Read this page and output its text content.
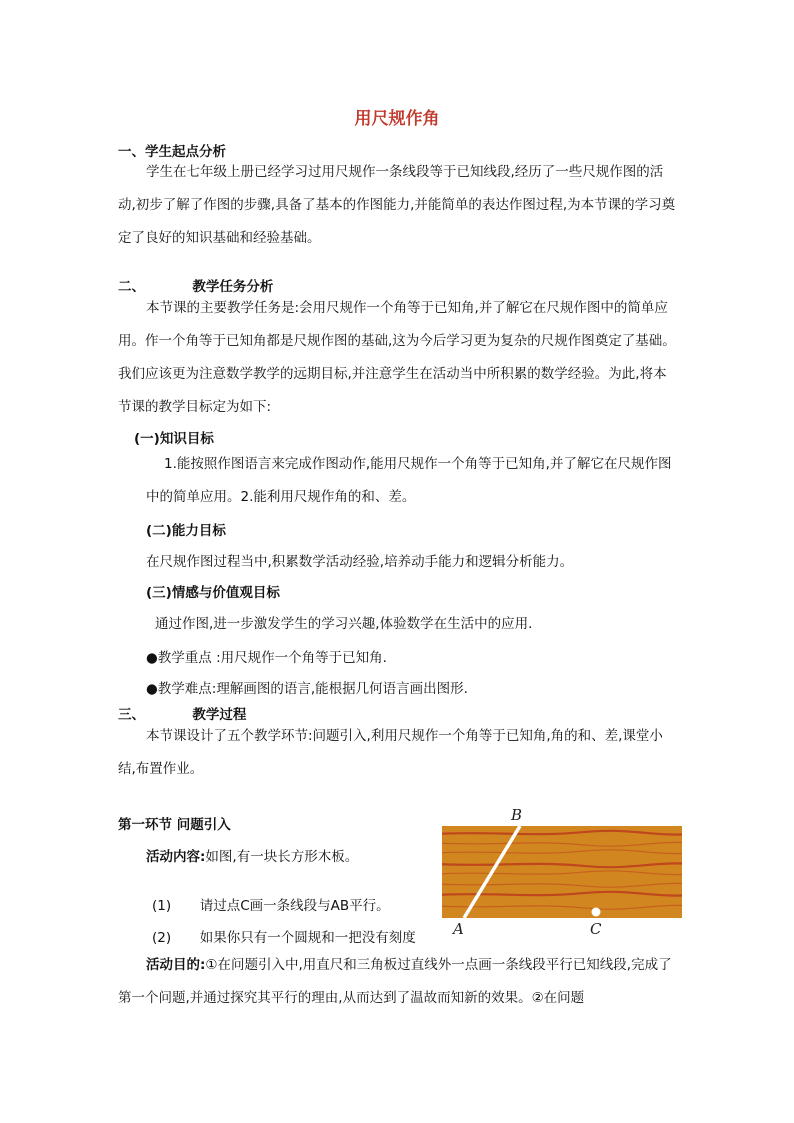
用尺规作角
一、学生起点分析
学生在七年级上册已经学习过用尺规作一条线段等于已知线段,经历了一些尺规作图的活动,初步了解了作图的步骤,具备了基本的作图能力,并能简单的表达作图过程,为本节课的学习奠定了良好的知识基础和经验基础。
二、	教学任务分析
本节课的主要教学任务是:会用尺规作一个角等于已知角,并了解它在尺规作图中的简单应用。作一个角等于已知角都是尺规作图的基础,这为今后学习更为复杂的尺规作图奠定了基础。我们应该更为注意数学教学的远期目标,并注意学生在活动当中所积累的数学经验。为此,将本节课的教学目标定为如下:
(一)知识目标
1.能按照作图语言来完成作图动作,能用尺规作一个角等于已知角,并了解它在尺规作图中的简单应用。2.能利用尺规作角的和、差。
(二)能力目标
在尺规作图过程当中,积累数学活动经验,培养动手能力和逻辑分析能力。
(三)情感与价值观目标
通过作图,进一步激发学生的学习兴趣,体验数学在生活中的应用.
●教学重点 :用尺规作一个角等于已知角.
●教学难点:理解画图的语言,能根据几何语言画出图形.
三、	教学过程
本节课设计了五个教学环节:问题引入,利用尺规作一个角等于已知角,角的和、差,课堂小结,布置作业。
第一环节 问题引入
活动内容:如图,有一块长方形木板。
(1) 请过点C画一条线段与AB平行。
(2) 如果你只有一个圆规和一把没有刻度
活动目的:①在问题引入中,用直尺和三角板过直线外一点画一条线段平行已知线段,完成了第一个问题,并通过探究其平行的理由,从而达到了温故而知新的效果。②在问题
B
A	C
